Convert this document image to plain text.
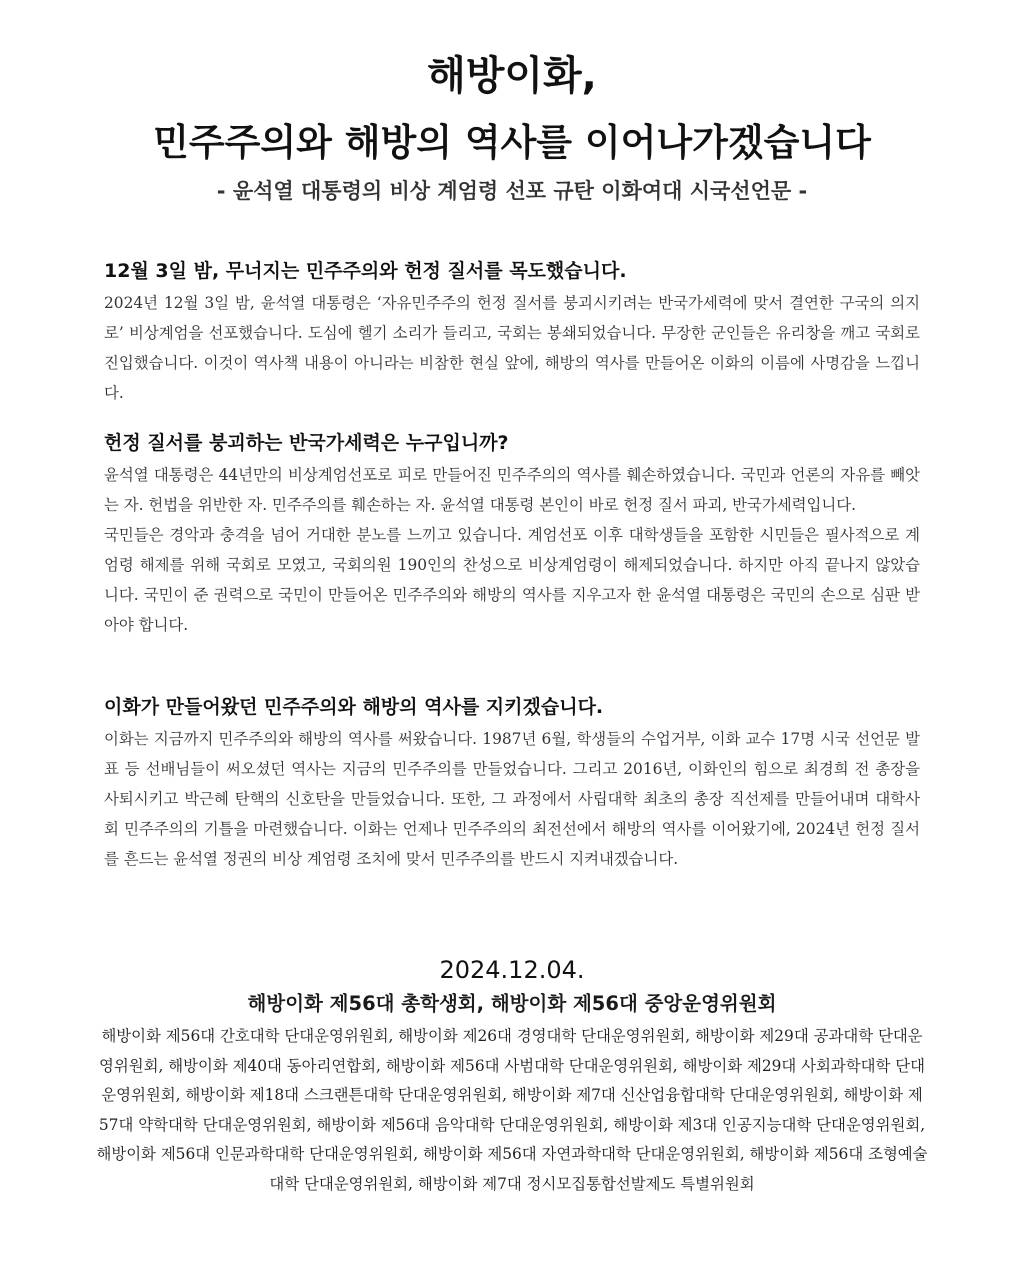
해방이화,
민주주의와 해방의 역사를 이어나가겠습니다
- 윤석열 대통령의 비상 계엄령 선포 규탄 이화여대 시국선언문 -
12월 3일 밤, 무너지는 민주주의와 헌정 질서를 목도했습니다.

2024년 12월 3일 밤, 윤석열 대통령은 ‘자유민주주의 헌정 질서를 붕괴시키려는 반국가세력에 맞서 결연한 구국의 의지로’ 비상계엄을 선포했습니다. 도심에 헬기 소리가 들리고, 국회는 봉쇄되었습니다. 무장한 군인들은 유리창을 깨고 국회로 진입했습니다. 이것이 역사책 내용이 아니라는 비참한 현실 앞에, 해방의 역사를 만들어온 이화의 이름에 사명감을 느낍니다.

헌정 질서를 붕괴하는 반국가세력은 누구입니까?

윤석열 대통령은 44년만의 비상계엄선포로 피로 만들어진 민주주의의 역사를 훼손하였습니다. 국민과 언론의 자유를 빼앗는 자. 헌법을 위반한 자. 민주주의를 훼손하는 자. 윤석열 대통령 본인이 바로 헌정 질서 파괴, 반국가세력입니다.

국민들은 경악과 충격을 넘어 거대한 분노를 느끼고 있습니다. 계엄선포 이후 대학생들을 포함한 시민들은 필사적으로 계엄령 해제를 위해 국회로 모였고, 국회의원 190인의 찬성으로 비상계엄령이 해제되었습니다. 하지만 아직 끝나지 않았습니다. 국민이 준 권력으로 국민이 만들어온 민주주의와 해방의 역사를 지우고자 한 윤석열 대통령은 국민의 손으로 심판 받아야 합니다.

이화가 만들어왔던 민주주의와 해방의 역사를 지키겠습니다.

이화는 지금까지 민주주의와 해방의 역사를 써왔습니다. 1987년 6월, 학생들의 수업거부, 이화 교수 17명 시국 선언문 발표 등 선배님들이 써오셨던 역사는 지금의 민주주의를 만들었습니다. 그리고 2016년, 이화인의 힘으로 최경희 전 총장을 사퇴시키고 박근혜 탄핵의 신호탄을 만들었습니다. 또한, 그 과정에서 사립대학 최초의 총장 직선제를 만들어내며 대학사회 민주주의의 기틀을 마련했습니다. 이화는 언제나 민주주의의 최전선에서 해방의 역사를 이어왔기에, 2024년 헌정 질서를 흔드는 윤석열 정권의 비상 계엄령 조치에 맞서 민주주의를 반드시 지켜내겠습니다.

2024.12.04.
해방이화 제56대 총학생회, 해방이화 제56대 중앙운영위원회
해방이화 제56대 간호대학 단대운영위원회, 해방이화 제26대 경영대학 단대운영위원회, 해방이화 제29대 공과대학 단대운영위원회, 해방이화 제40대 동아리연합회, 해방이화 제56대 사범대학 단대운영위원회, 해방이화 제29대 사회과학대학 단대운영위원회, 해방이화 제18대 스크랜튼대학 단대운영위원회, 해방이화 제7대 신산업융합대학 단대운영위원회, 해방이화 제57대 약학대학 단대운영위원회, 해방이화 제56대 음악대학 단대운영위원회, 해방이화 제3대 인공지능대학 단대운영위원회, 해방이화 제56대 인문과학대학 단대운영위원회, 해방이화 제56대 자연과학대학 단대운영위원회, 해방이화 제56대 조형예술대학 단대운영위원회, 해방이화 제7대 정시모집통합선발제도 특별위원회
